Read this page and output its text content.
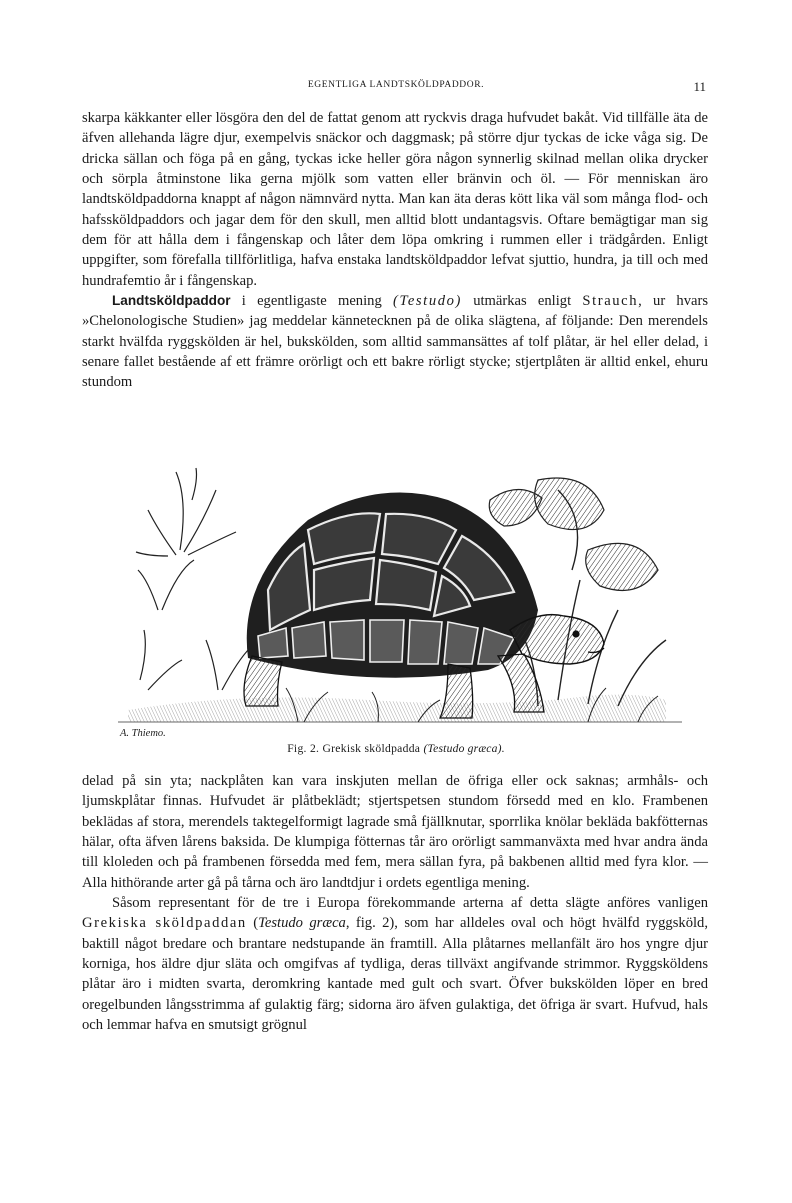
EGENTLIGA LANDTSKÖLDPADDOR.	11

skarpa käkkanter eller lösgöra den del de fattat genom att ryckvis draga hufvudet bakåt. Vid tillfälle äta de äfven allehanda lägre djur, exempelvis snäckor och daggmask; på större djur tyckas de icke våga sig. De dricka sällan och föga på en gång, tyckas icke heller göra någon synnerlig skilnad mellan olika drycker och sörpla åtminstone lika gerna mjölk som vatten eller bränvin och öl. — För menniskan äro landtsköldpaddorna knappt af någon nämnvärd nytta. Man kan äta deras kött lika väl som många flod- och hafssköldpaddors och jagar dem för den skull, men alltid blott undantagsvis. Oftare bemägtigar man sig dem för att hålla dem i fångenskap och låter dem löpa omkring i rummen eller i trädgården. Enligt uppgifter, som förefalla tillförlitliga, hafva enstaka landtsköldpaddor lefvat sjuttio, hundra, ja till och med hundrafemtio år i fångenskap.

Landtsköldpaddor i egentligaste mening (Testudo) utmärkas enligt Strauch, ur hvars »Chelonologische Studien» jag meddelar kännetecknen på de olika slägtena, af följande: Den merendels starkt hvälfda ryggskölden är hel, bukskölden, som alltid sammansättes af tolf plåtar, är hel eller delad, i senare fallet bestående af ett främre orörligt och ett bakre rörligt stycke; stjertplåten är alltid enkel, ehuru stundom

A. Thiemo.
Fig. 2. Grekisk sköldpadda (Testudo græca).

delad på sin yta; nackplåten kan vara inskjuten mellan de öfriga eller ock saknas; armhåls- och ljumskplåtar finnas. Hufvudet är plåtbeklädt; stjertspetsen stundom försedd med en klo. Frambenen beklädas af stora, merendels taktegelformigt lagrade små fjällknutar, sporrlika knölar bekläda bakfötternas hälar, ofta äfven lårens baksida. De klumpiga fötternas tår äro orörligt sammanväxta med hvar andra ända till kloleden och på frambenen försedda med fem, mera sällan fyra, på bakbenen alltid med fyra klor. — Alla hithörande arter gå på tårna och äro landtdjur i ordets egentliga mening.

Såsom representant för de tre i Europa förekommande arterna af detta slägte anföres vanligen Grekiska sköldpaddan (Testudo græca, fig. 2), som har alldeles oval och högt hvälfd ryggsköld, baktill något bredare och brantare nedstupande än framtill. Alla plåtarnes mellanfält äro hos yngre djur korniga, hos äldre djur släta och omgifvas af tydliga, deras tillväxt angifvande strimmor. Ryggsköldens plåtar äro i midten svarta, deromkring kantade med gult och svart. Öfver bukskölden löper en bred oregelbunden långsstrimma af gulaktig färg; sidorna äro äfven gulaktiga, det öfriga är svart. Hufvud, hals och lemmar hafva en smutsigt grögnul
